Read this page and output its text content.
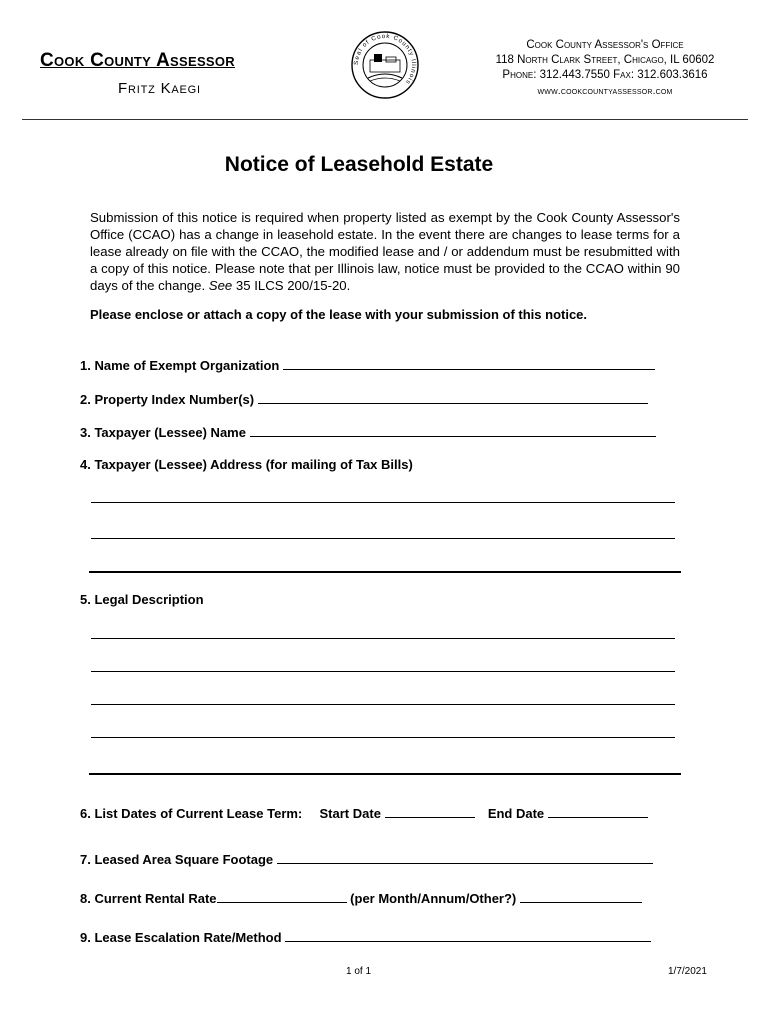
Cook County Assessor
Fritz Kaegi
Seal of Cook County Illinois
Cook County Assessor's Office
118 North Clark Street, Chicago, IL 60602
Phone: 312.443.7550 Fax: 312.603.3616
www.cookcountyassessor.com
Notice of Leasehold Estate
Submission of this notice is required when property listed as exempt by the Cook County Assessor's Office (CCAO) has a change in leasehold estate. In the event there are changes to lease terms for a lease already on file with the CCAO, the modified lease and / or addendum must be resubmitted with a copy of this notice. Please note that per Illinois law, notice must be provided to the CCAO within 90 days of the change. See 35 ILCS 200/15-20.
Please enclose or attach a copy of the lease with your submission of this notice.
1. Name of Exempt Organization
2. Property Index Number(s)
3. Taxpayer (Lessee) Name
4. Taxpayer (Lessee) Address (for mailing of Tax Bills)
5. Legal Description
6. List Dates of Current Lease Term: Start Date	End Date
7. Leased Area Square Footage
8. Current Rental Rate	(per Month/Annum/Other?)
9. Lease Escalation Rate/Method
1 of 1	1/7/2021
